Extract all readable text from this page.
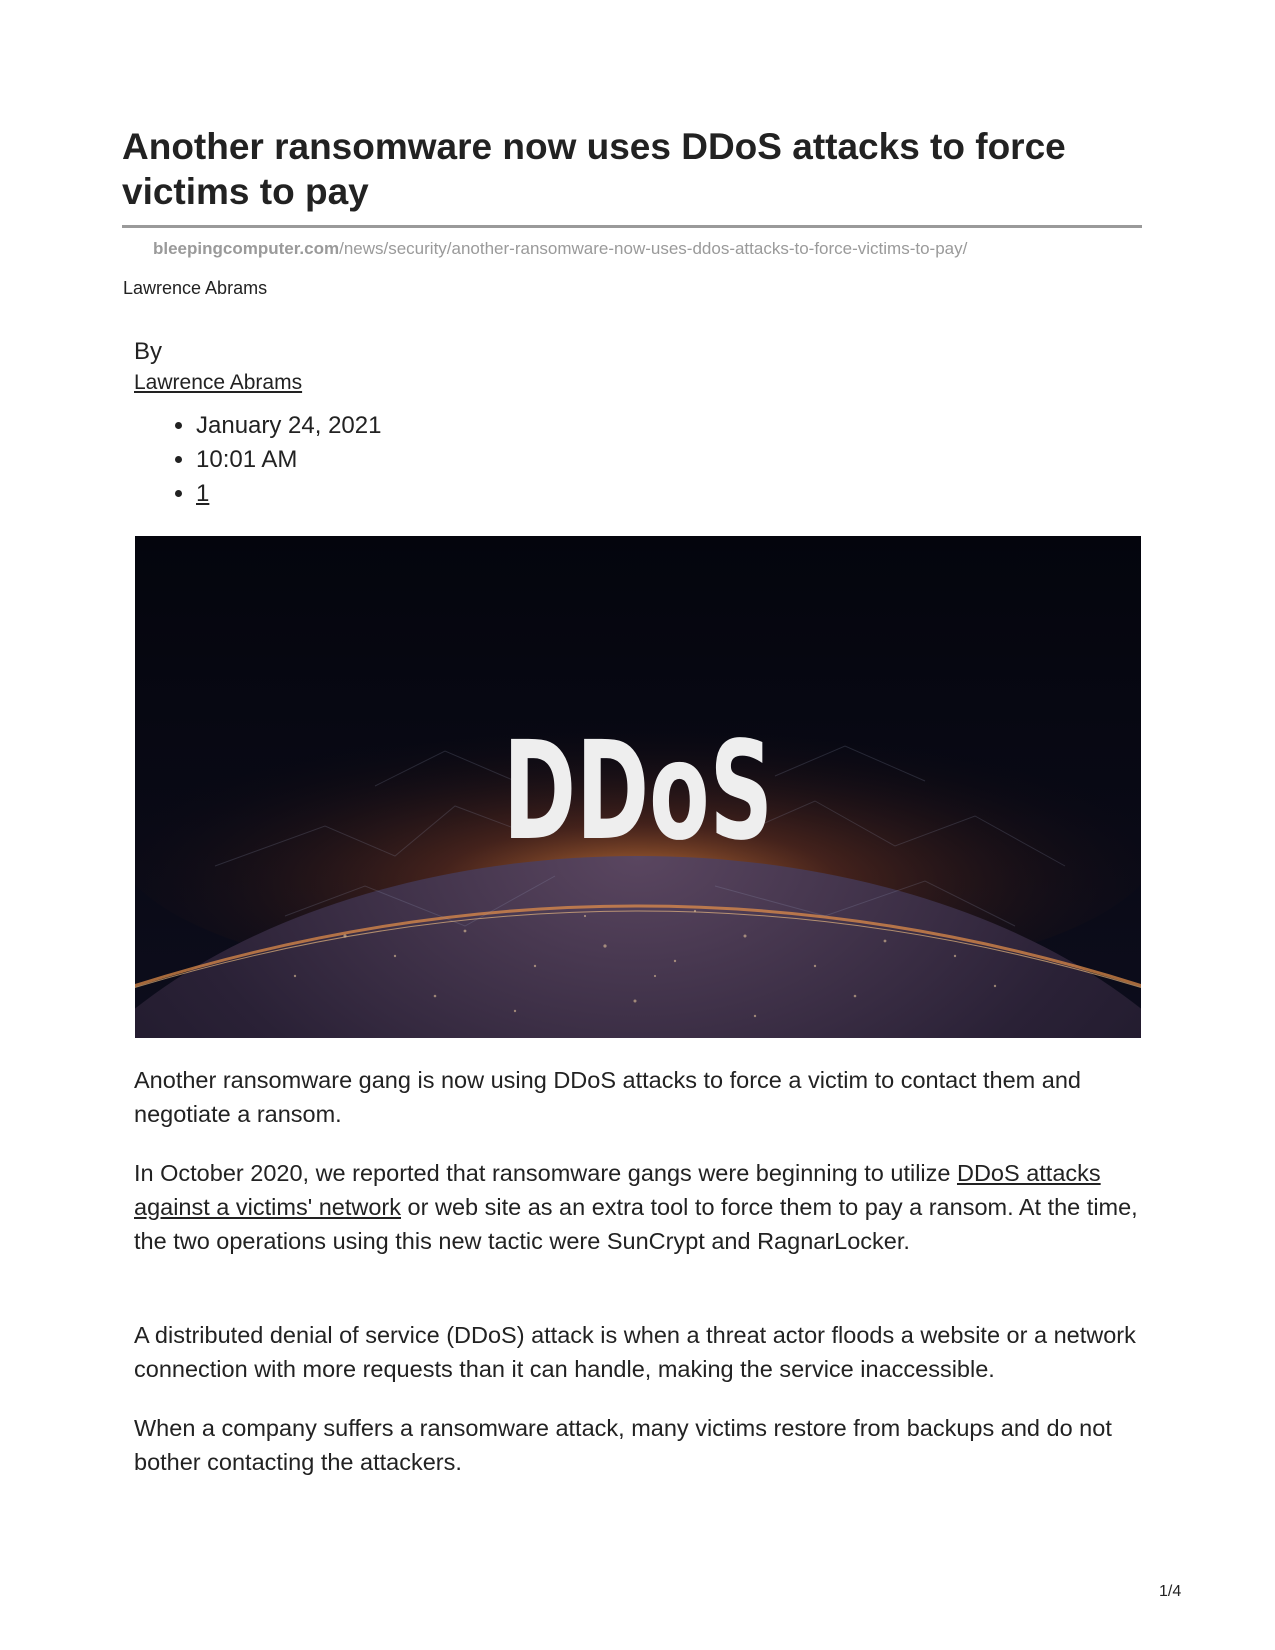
Another ransomware now uses DDoS attacks to force victims to pay
bleepingcomputer.com/news/security/another-ransomware-now-uses-ddos-attacks-to-force-victims-to-pay/
Lawrence Abrams
By
Lawrence Abrams
• January 24, 2021
• 10:01 AM
• 1
DDoS

Another ransomware gang is now using DDoS attacks to force a victim to contact them and negotiate a ransom.

In October 2020, we reported that ransomware gangs were beginning to utilize DDoS attacks against a victims' network or web site as an extra tool to force them to pay a ransom. At the time, the two operations using this new tactic were SunCrypt and RagnarLocker.

A distributed denial of service (DDoS) attack is when a threat actor floods a website or a network connection with more requests than it can handle, making the service inaccessible.

When a company suffers a ransomware attack, many victims restore from backups and do not bother contacting the attackers.

1/4
